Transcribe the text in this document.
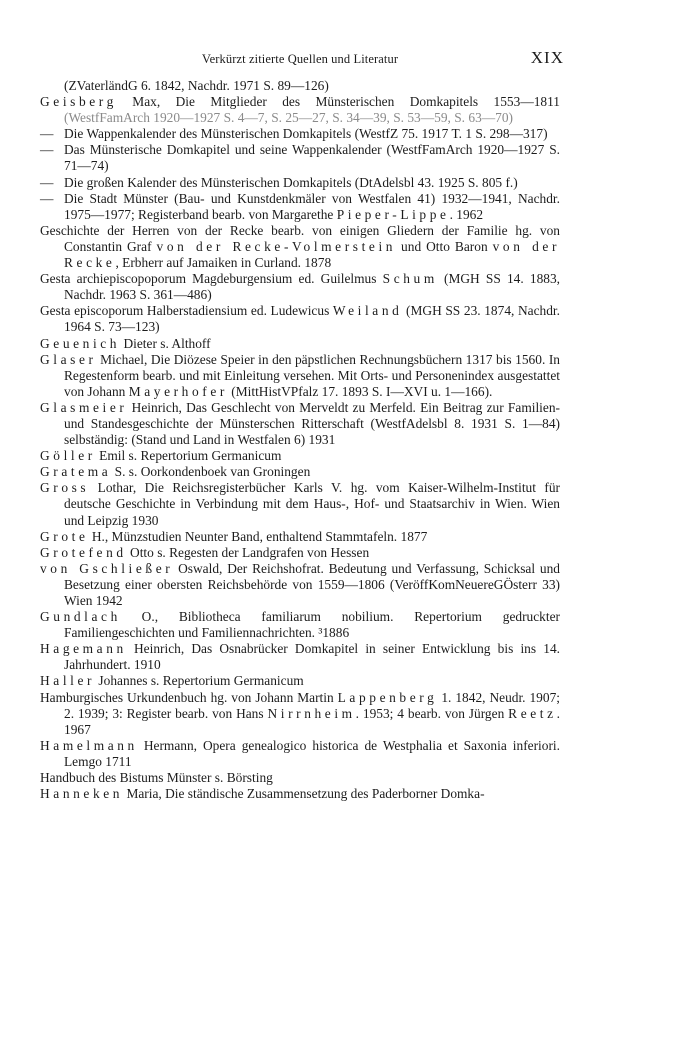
Verkürzt zitierte Quellen und Literatur	XIX

(ZVaterländG 6. 1842, Nachdr. 1971 S. 89—126)

Geisberg Max, Die Mitglieder des Münsterischen Domkapitels 1553—1811 (WestfFamArch 1920—1927 S. 4—7, S. 25—27, S. 34—39, S. 53—59, S. 63—70)

— Die Wappenkalender des Münsterischen Domkapitels (WestfZ 75. 1917 T. 1 S. 298—317)

— Das Münsterische Domkapitel und seine Wappenkalender (WestfFamArch 1920—1927 S. 71—74)

— Die großen Kalender des Münsterischen Domkapitels (DtAdelsbl 43. 1925 S. 805 f.)

— Die Stadt Münster (Bau- und Kunstdenkmäler von Westfalen 41) 1932—1941, Nachdr. 1975—1977; Registerband bearb. von Margarethe Pieper-Lippe. 1962

Geschichte der Herren von der Recke bearb. von einigen Gliedern der Familie hg. von Constantin Graf von der Recke-Volmerstein und Otto Baron von der Recke, Erbherr auf Jamaiken in Curland. 1878

Gesta archiepiscopoporum Magdeburgensium ed. Guilelmus Schum (MGH SS 14. 1883, Nachdr. 1963 S. 361—486)

Gesta episcoporum Halberstadiensium ed. Ludewicus Weiland (MGH SS 23. 1874, Nachdr. 1964 S. 73—123)

Geuenich Dieter s. Althoff

Glaser Michael, Die Diözese Speier in den päpstlichen Rechnungsbüchern 1317 bis 1560. In Regestenform bearb. und mit Einleitung versehen. Mit Orts- und Personenindex ausgestattet von Johann Mayerhofer (MittHistVPfalz 17. 1893 S. I—XVI u. 1—166).

Glasmeier Heinrich, Das Geschlecht von Merveldt zu Merfeld. Ein Beitrag zur Familien- und Standesgeschichte der Münsterschen Ritterschaft (WestfAdelsbl 8. 1931 S. 1—84) selbständig: (Stand und Land in Westfalen 6) 1931

Göller Emil s. Repertorium Germanicum

Gratema S. s. Oorkondenboek van Groningen

Gross Lothar, Die Reichsregisterbücher Karls V. hg. vom Kaiser-Wilhelm-Institut für deutsche Geschichte in Verbindung mit dem Haus-, Hof- und Staatsarchiv in Wien. Wien und Leipzig 1930

Grote H., Münzstudien Neunter Band, enthaltend Stammtafeln. 1877

Grotefend Otto s. Regesten der Landgrafen von Hessen

von Gschließer Oswald, Der Reichshofrat. Bedeutung und Verfassung, Schicksal und Besetzung einer obersten Reichsbehörde von 1559—1806 (VeröffKomNeuereGÖsterr 33) Wien 1942

Gundlach O., Bibliotheca familiarum nobilium. Repertorium gedruckter Familiengeschichten und Familiennachrichten. ³1886

Hagemann Heinrich, Das Osnabrücker Domkapitel in seiner Entwicklung bis ins 14. Jahrhundert. 1910

Haller Johannes s. Repertorium Germanicum

Hamburgisches Urkundenbuch hg. von Johann Martin Lappenberg 1. 1842, Neudr. 1907; 2. 1939; 3: Register bearb. von Hans Nirrnheim. 1953; 4 bearb. von Jürgen Reetz. 1967

Hamelmann Hermann, Opera genealogico historica de Westphalia et Saxonia inferiori. Lemgo 1711

Handbuch des Bistums Münster s. Börsting

Hanneken Maria, Die ständische Zusammensetzung des Paderborner Domka-
